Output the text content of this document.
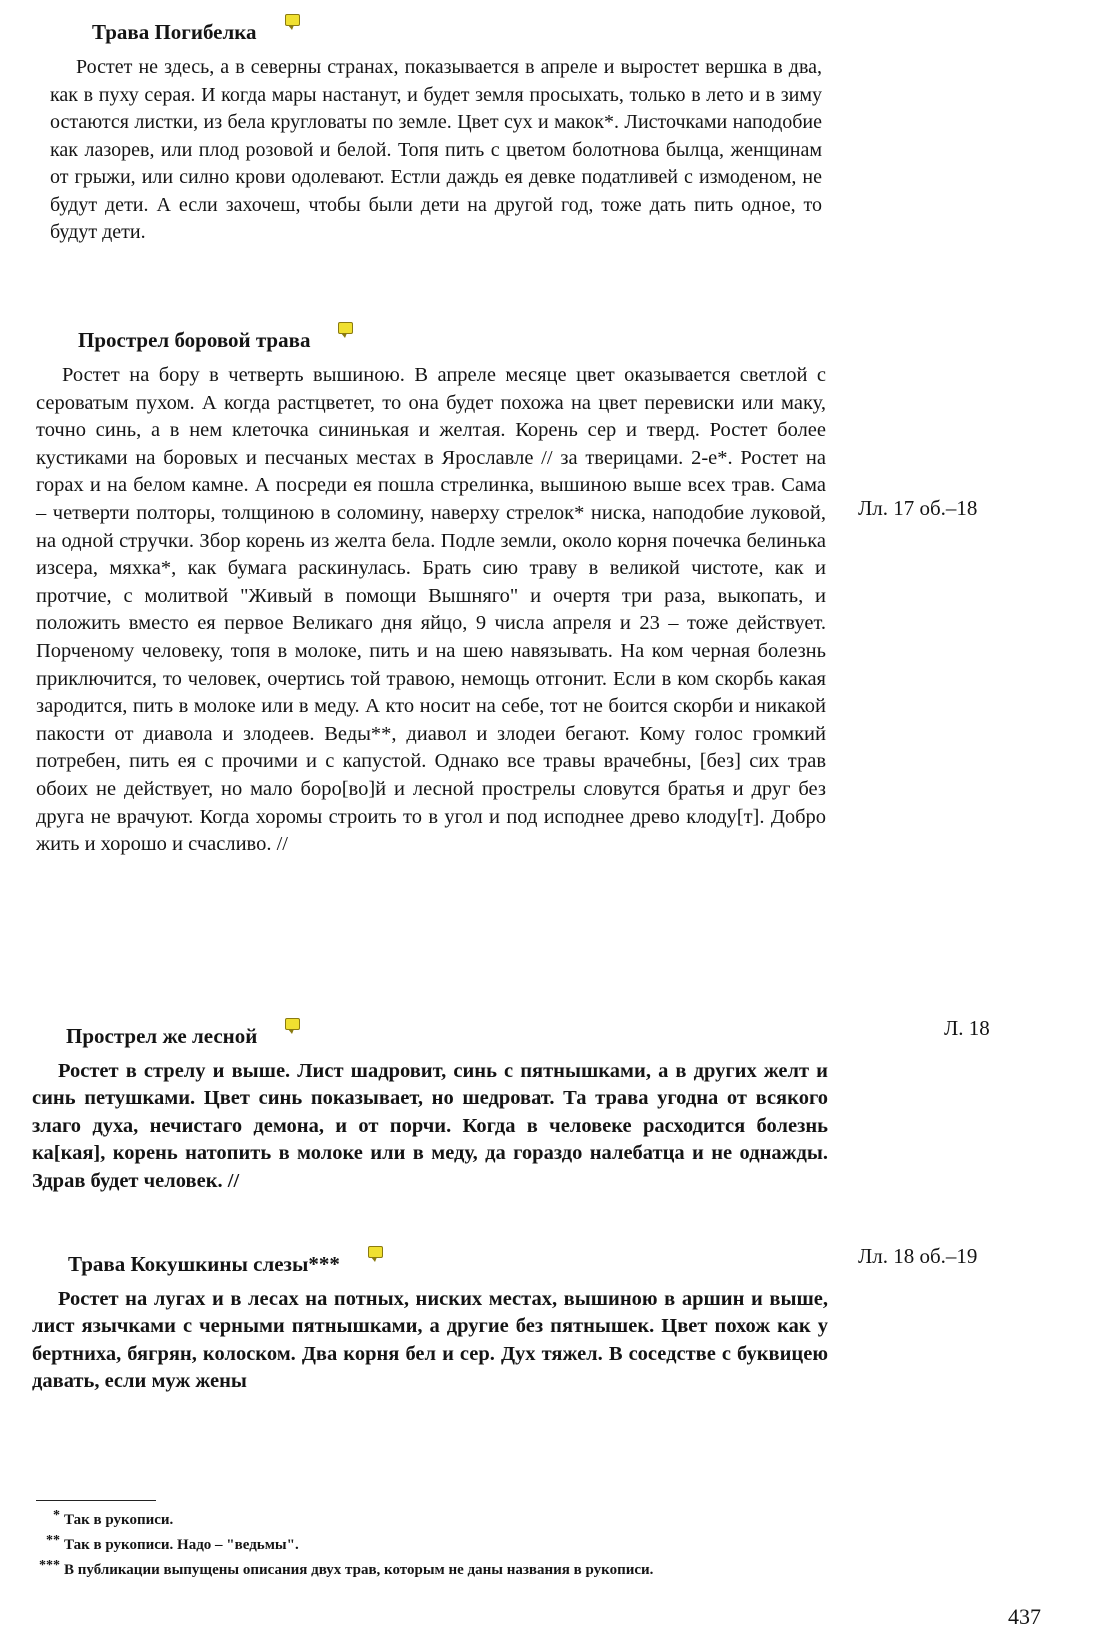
Трава Погибелка
Ростет не здесь, а в северны странах, показывается в апреле и выростет вершка в два, как в пуху серая. И когда мары настанут, и будет земля просыхать, только в лето и в зиму остаются листки, из бела кругловаты по земле. Цвет сух и макок*. Листочками наподобие как лазорев, или плод розовой и белой. Топя пить с цветом болотнова былца, женщинам от грыжи, или силно крови одолевают. Естли даждь ея девке податливей с измоденом, не будут дети. А если захочеш, чтобы были дети на другой год, тоже дать пить одное, то будут дети.
Прострел боровой трава
Ростет на бору в четверть вышиною. В апреле месяце цвет оказывается светлой с сероватым пухом. А когда растцветет, то она будет похожа на цвет перевиски или маку, точно синь, а в нем клеточка сининькая и желтая. Корень сер и тверд. Ростет более кустиками на боровых и песчаных местах в Ярославле // за тверицами. 2-е*. Ростет на горах и на белом камне. А посреди ея пошла стрелинка, вышиною выше всех трав. Сама – четверти полторы, толщиною в соломину, наверху стрелок* ниска, наподобие луковой, на одной стручки. Збор корень из желта бела. Подле земли, около корня почечка белинька изсера, мяхка*, как бумага раскинулась. Брать сию траву в великой чистоте, как и протчие, с молитвой "Живый в помощи Вышняго" и очертя три раза, выкопать, и положить вместо ея первое Великаго дня яйцо, 9 числа апреля и 23 – тоже действует. Порченому человеку, топя в молоке, пить и на шею навязывать. На ком черная болезнь приключится, то человек, очертись той травою, немощь отгонит. Если в ком скорбь какая зародится, пить в молоке или в меду. А кто носит на себе, тот не боится скорби и никакой пакости от диавола и злодеев. Веды**, диавол и злодеи бегают. Кому голос громкий потребен, пить ея с прочими и с капустой. Однако все травы врачебны, [без] сих трав обоих не действует, но мало боро[во]й и лесной прострелы словутся братья и друг без друга не врачуют. Когда хоромы строить то в угол и под исподнее древо клоду[т]. Добро жить и хорошо и счасливо. //
Прострел же лесной
Ростет в стрелу и выше. Лист шадровит, синь с пятнышками, а в других желт и синь петушками. Цвет синь показывает, но шедроват. Та трава угодна от всякого злаго духа, нечистаго демона, и от порчи. Когда в человеке расходится болезнь ка[кая], корень натопить в молоке или в меду, да гораздо налебатца и не однажды. Здрав будет человек. //
Трава Кокушкины слезы***
Ростет на лугах и в лесах на потных, ниских местах, вышиною в аршин и выше, лист язычками с черными пятнышками, а другие без пятнышек. Цвет похож как у бертниха, бягрян, колоском. Два корня бел и сер. Дух тяжел. В соседстве с буквицею давать, если муж жены
Лл. 17 об.–18
Л. 18
Лл. 18 об.–19
* Так в рукописи.
** Так в рукописи. Надо – "ведьмы".
*** В публикации выпущены описания двух трав, которым не даны названия в рукописи.
437
